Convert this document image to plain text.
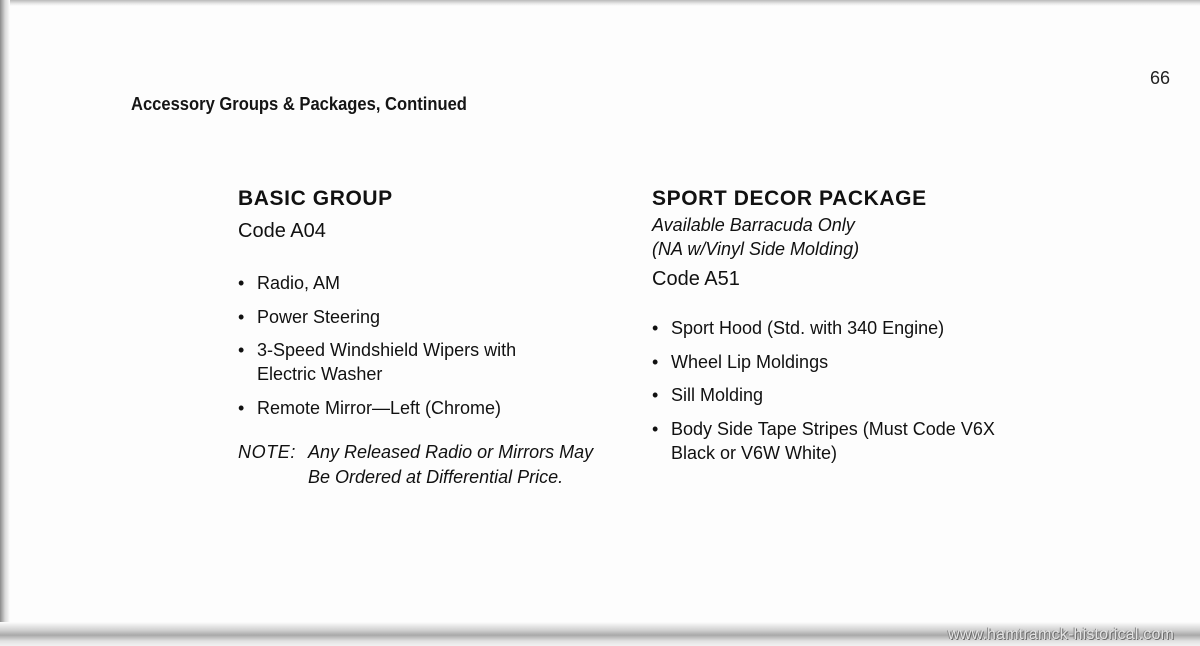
66
Accessory Groups & Packages, Continued
BASIC GROUP
Code A04
• Radio, AM
• Power Steering
• 3-Speed Windshield Wipers with Electric Washer
• Remote Mirror—Left (Chrome)
NOTE: Any Released Radio or Mirrors May Be Ordered at Differential Price.
SPORT DECOR PACKAGE
Available Barracuda Only
(NA w/Vinyl Side Molding)
Code A51
• Sport Hood (Std. with 340 Engine)
• Wheel Lip Moldings
• Sill Molding
• Body Side Tape Stripes (Must Code V6X Black or V6W White)
www.hamtramck-historical.com
